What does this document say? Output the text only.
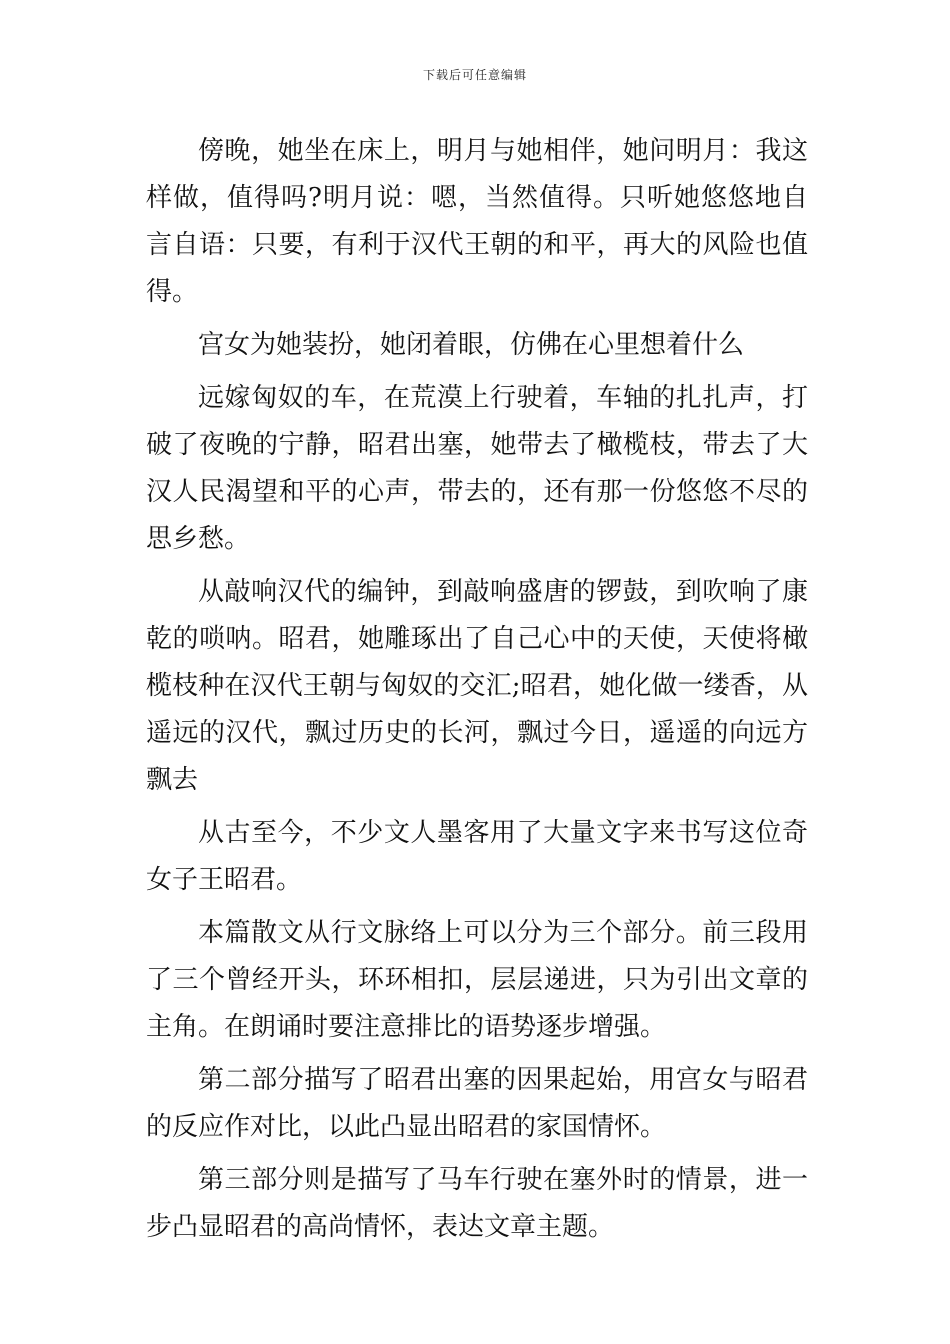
下载后可任意编辑

傍晚，她坐在床上，明月与她相伴，她问明月：我这样做，值得吗?明月说：嗯，当然值得。只听她悠悠地自言自语：只要，有利于汉代王朝的和平，再大的风险也值得。

宫女为她装扮，她闭着眼，仿佛在心里想着什么

远嫁匈奴的车，在荒漠上行驶着，车轴的扎扎声，打破了夜晚的宁静，昭君出塞，她带去了橄榄枝，带去了大汉人民渴望和平的心声，带去的，还有那一份悠悠不尽的思乡愁。

从敲响汉代的编钟，到敲响盛唐的锣鼓，到吹响了康乾的唢呐。昭君，她雕琢出了自己心中的天使，天使将橄榄枝种在汉代王朝与匈奴的交汇;昭君，她化做一缕香，从遥远的汉代，飘过历史的长河，飘过今日，遥遥的向远方飘去

从古至今，不少文人墨客用了大量文字来书写这位奇女子王昭君。

本篇散文从行文脉络上可以分为三个部分。前三段用了三个曾经开头，环环相扣，层层递进，只为引出文章的主角。在朗诵时要注意排比的语势逐步增强。

第二部分描写了昭君出塞的因果起始，用宫女与昭君的反应作对比，以此凸显出昭君的家国情怀。

第三部分则是描写了马车行驶在塞外时的情景，进一步凸显昭君的高尚情怀，表达文章主题。
